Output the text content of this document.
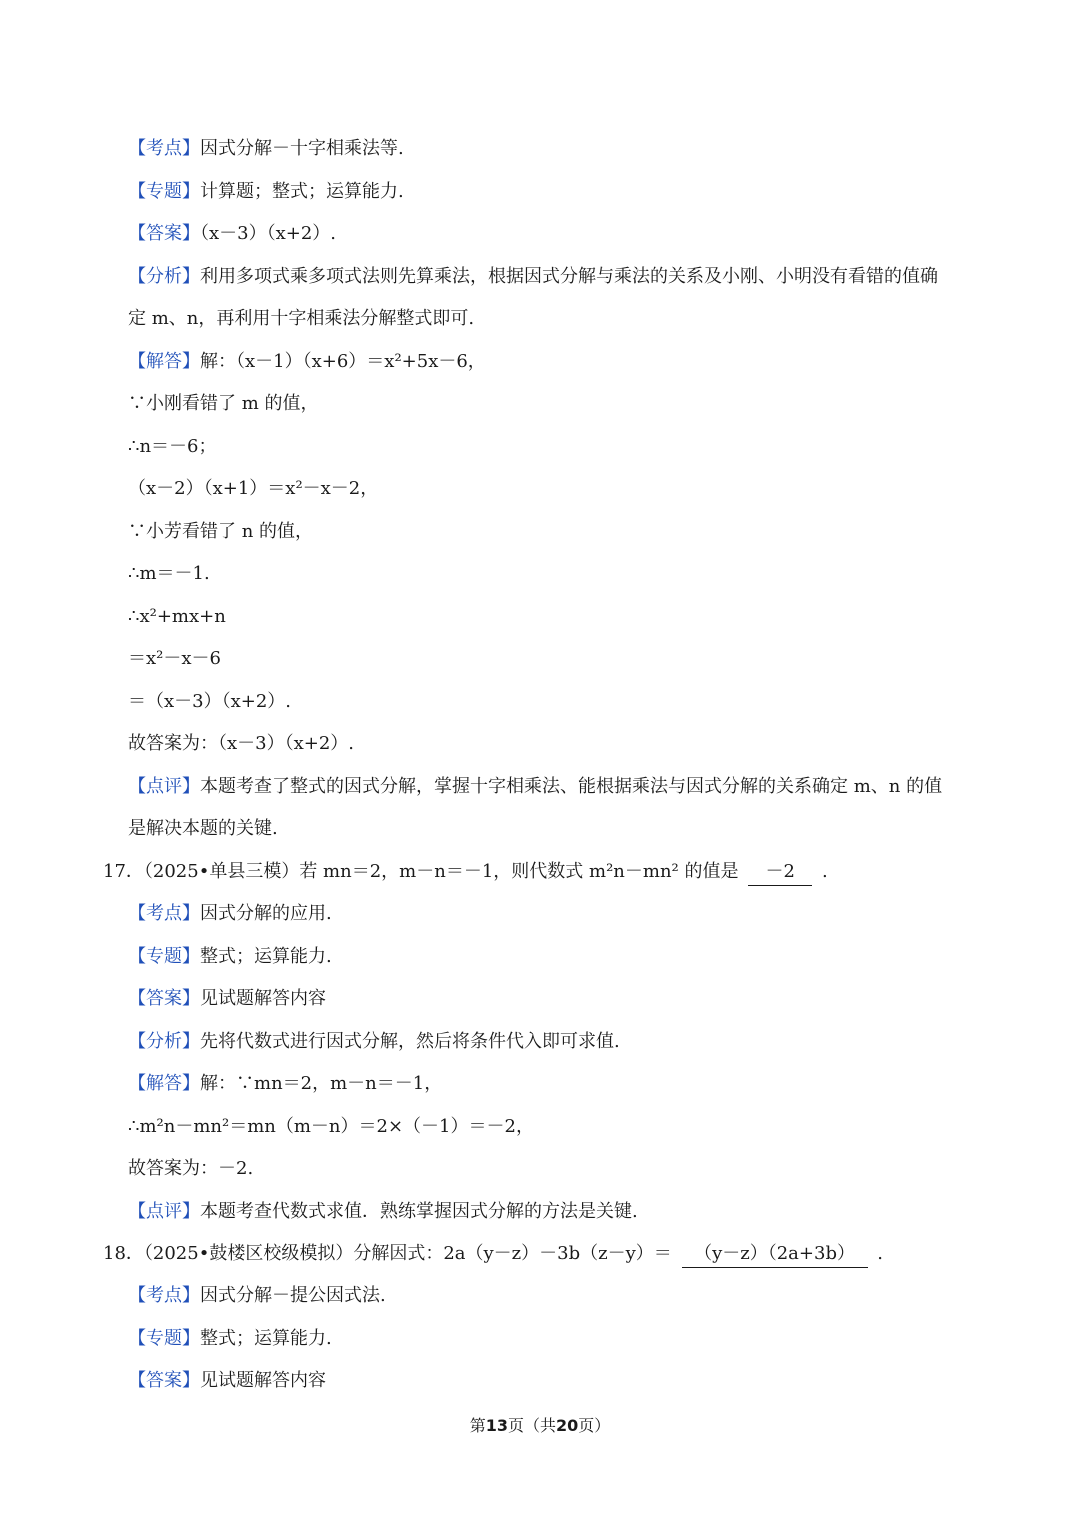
【考点】因式分解－十字相乘法等.
【专题】计算题；整式；运算能力.
【答案】（x－3）（x+2）.
【分析】利用多项式乘多项式法则先算乘法，根据因式分解与乘法的关系及小刚、小明没有看错的值确
定 m、n，再利用十字相乘法分解整式即可.
【解答】解：（x－1）（x+6）＝x²+5x－6，
∵小刚看错了 m 的值，
∴n＝－6；
（x－2）（x+1）＝x²－x－2，
∵小芳看错了 n 的值，
∴m＝－1.
∴x²+mx+n
＝x²－x－6
＝（x－3）（x+2）.
故答案为：（x－3）（x+2）.
【点评】本题考查了整式的因式分解，掌握十字相乘法、能根据乘法与因式分解的关系确定 m、n 的值
是解决本题的关键.
17．（2025•单县三模）若 mn＝2，m－n＝－1，则代数式 m²n－mn² 的值是 －2 .
【考点】因式分解的应用.
【专题】整式；运算能力.
【答案】见试题解答内容
【分析】先将代数式进行因式分解，然后将条件代入即可求值.
【解答】解：∵mn＝2，m－n＝－1，
∴m²n－mn²＝mn（m－n）＝2×（－1）＝－2，
故答案为：－2.
【点评】本题考查代数式求值．熟练掌握因式分解的方法是关键.
18．（2025•鼓楼区校级模拟）分解因式：2a（y－z）－3b（z－y）＝ （y－z）（2a+3b） .
【考点】因式分解－提公因式法.
【专题】整式；运算能力.
【答案】见试题解答内容
第13页（共20页）
